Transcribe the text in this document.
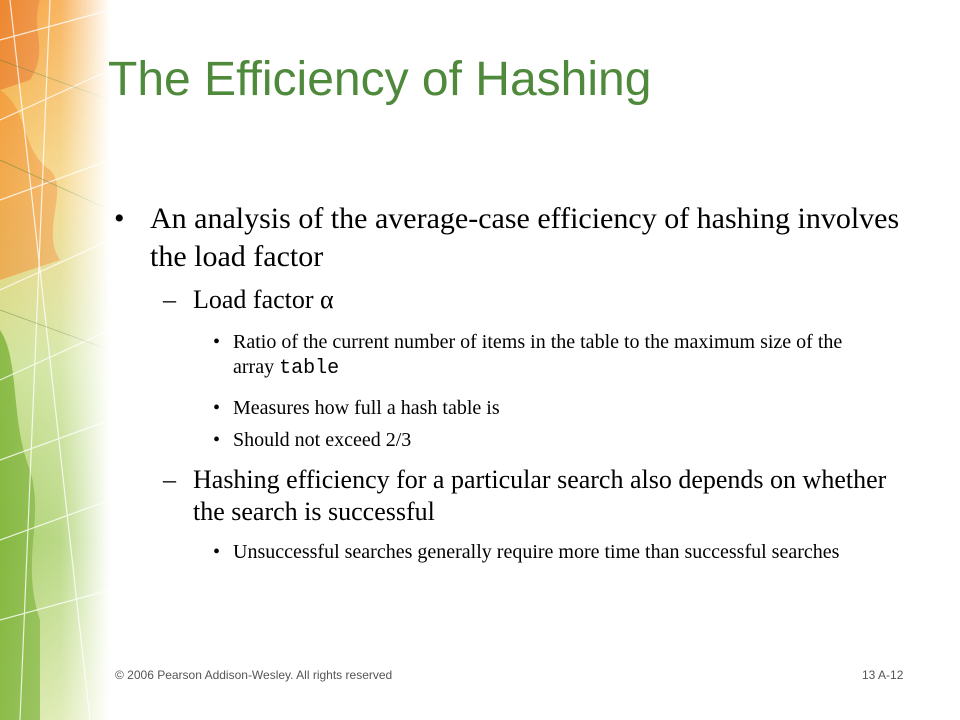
The Efficiency of Hashing
• An analysis of the average-case efficiency of hashing involves the load factor
– Load factor α
• Ratio of the current number of items in the table to the maximum size of the array table
• Measures how full a hash table is
• Should not exceed 2/3
– Hashing efficiency for a particular search also depends on whether the search is successful
• Unsuccessful searches generally require more time than successful searches
© 2006 Pearson Addison-Wesley. All rights reserved	13 A-12
